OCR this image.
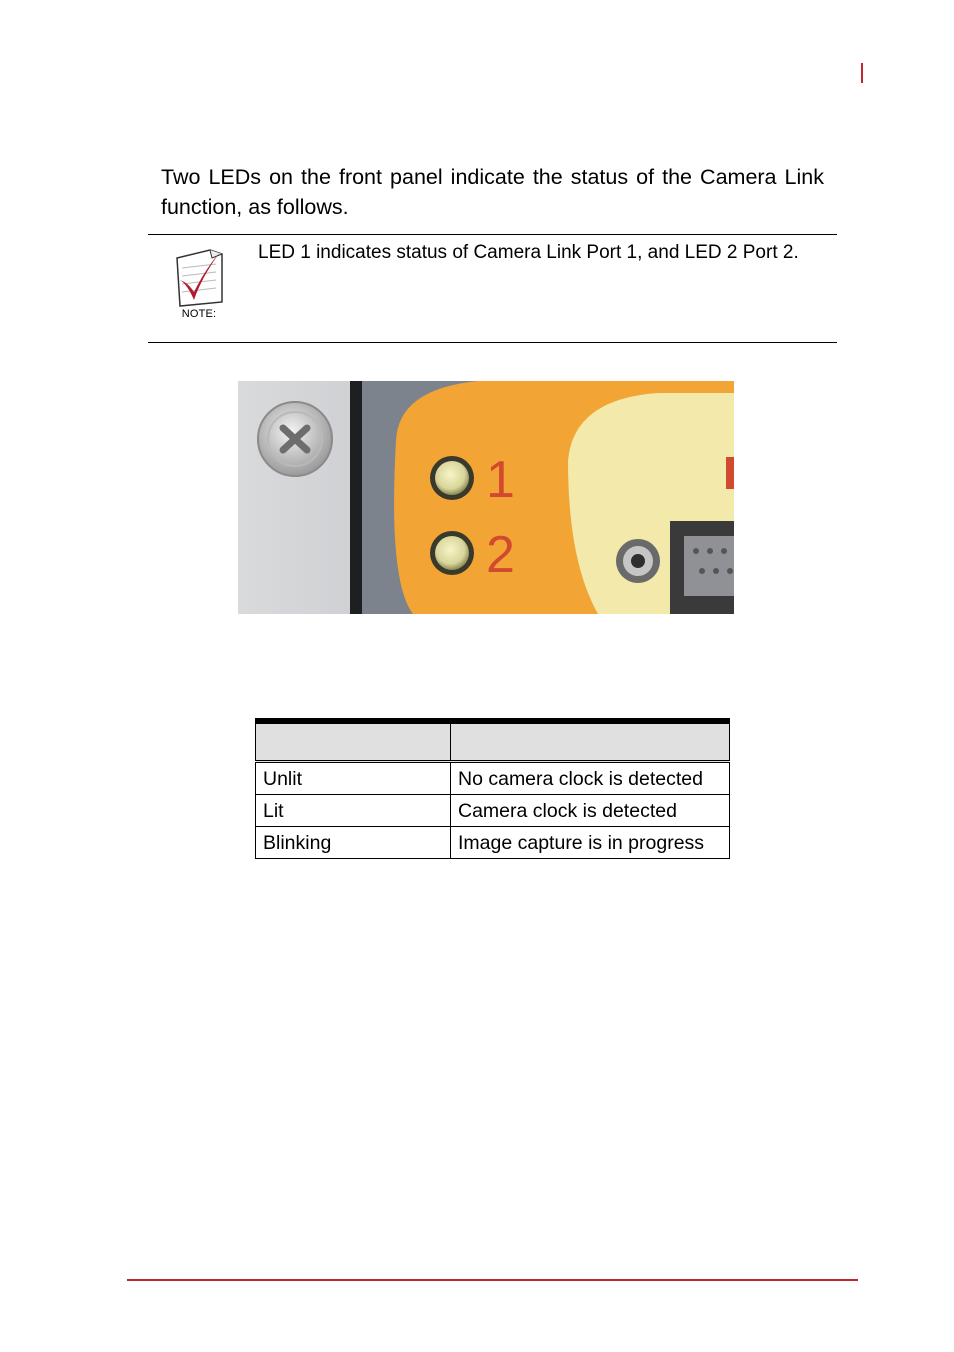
Two LEDs on the front panel indicate the status of the Camera Link function, as follows.

NOTE:
LED 1 indicates status of Camera Link Port 1, and LED 2 Port 2.
1
2

Unlit	No camera clock is detected
Lit	Camera clock is detected
Blinking	Image capture is in progress
